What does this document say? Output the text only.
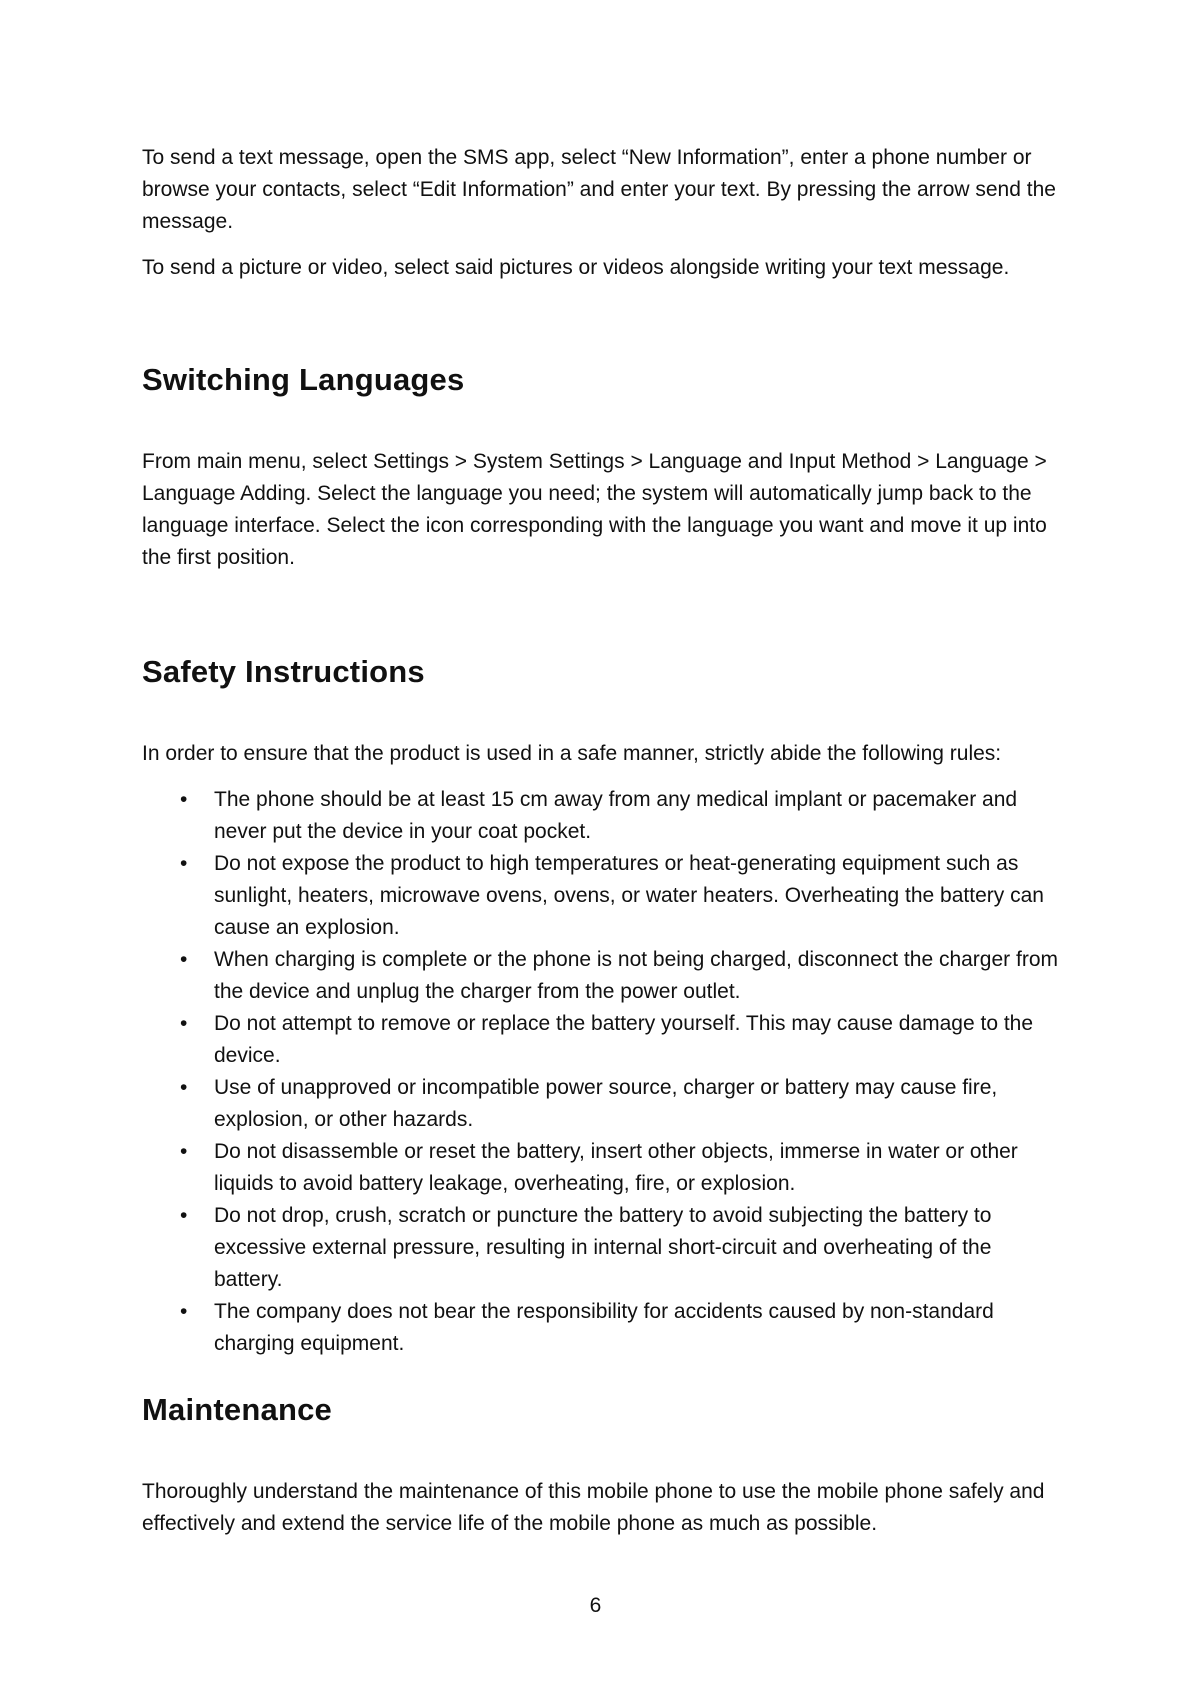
To send a text message, open the SMS app, select “New Information”, enter a phone number or browse your contacts, select “Edit Information” and enter your text. By pressing the arrow send the message.

To send a picture or video, select said pictures or videos alongside writing your text message.

Switching Languages

From main menu, select Settings > System Settings > Language and Input Method > Language > Language Adding. Select the language you need; the system will automatically jump back to the language interface. Select the icon corresponding with the language you want and move it up into the first position.

Safety Instructions

In order to ensure that the product is used in a safe manner, strictly abide the following rules:

• The phone should be at least 15 cm away from any medical implant or pacemaker and never put the device in your coat pocket.
• Do not expose the product to high temperatures or heat-generating equipment such as sunlight, heaters, microwave ovens, ovens, or water heaters. Overheating the battery can cause an explosion.
• When charging is complete or the phone is not being charged, disconnect the charger from the device and unplug the charger from the power outlet.
• Do not attempt to remove or replace the battery yourself. This may cause damage to the device.
• Use of unapproved or incompatible power source, charger or battery may cause fire, explosion, or other hazards.
• Do not disassemble or reset the battery, insert other objects, immerse in water or other liquids to avoid battery leakage, overheating, fire, or explosion.
• Do not drop, crush, scratch or puncture the battery to avoid subjecting the battery to excessive external pressure, resulting in internal short-circuit and overheating of the battery.
• The company does not bear the responsibility for accidents caused by non-standard charging equipment.
Maintenance

Thoroughly understand the maintenance of this mobile phone to use the mobile phone safely and effectively and extend the service life of the mobile phone as much as possible.

6
